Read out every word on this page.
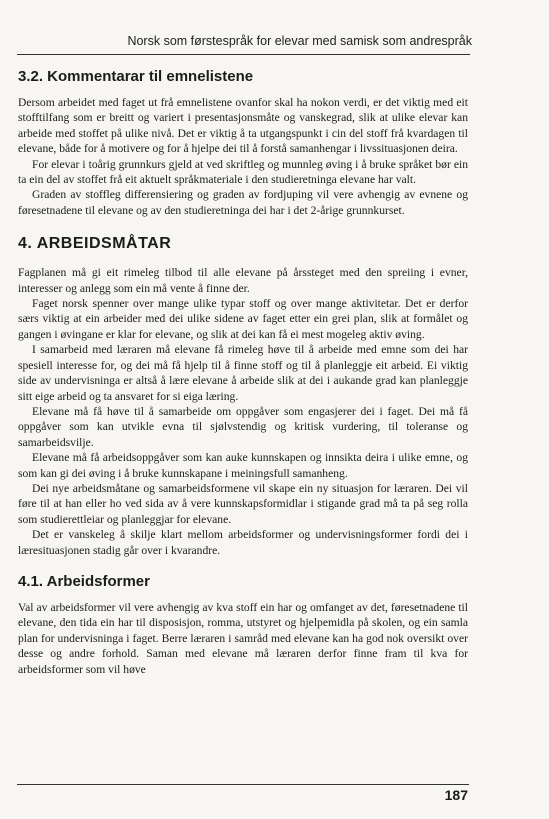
Norsk som førstespråk for elevar med samisk som andrespråk
3.2. Kommentarar til emnelistene

Dersom arbeidet med faget ut frå emnelistene ovanfor skal ha nokon verdi, er det viktig med eit stofftilfang som er breitt og variert i presentasjonsmåte og vanskegrad, slik at ulike elevar kan arbeide med stoffet på ulike nivå. Det er viktig å ta utgangspunkt i cin del stoff frå kvardagen til elevane, både for å motivere og for å hjelpe dei til å forstå samanhengar i livssituasjonen deira.

For elevar i toårig grunnkurs gjeld at ved skriftleg og munnleg øving i å bruke språket bør ein ta ein del av stoffet frå eit aktuelt språkmateriale i den studieretninga elevane har valt.

Graden av stoffleg differensiering og graden av fordjuping vil vere avhengig av evnene og føresetnadene til elevane og av den studieretninga dei har i det 2-årige grunnkurset.

4. ARBEIDSMÅTAR

Fagplanen må gi eit rimeleg tilbod til alle elevane på årssteget med den spreiing i evner, interesser og anlegg som ein må vente å finne der.

Faget norsk spenner over mange ulike typar stoff og over mange aktivitetar. Det er derfor særs viktig at ein arbeider med dei ulike sidene av faget etter ein grei plan, slik at formålet og gangen i øvingane er klar for elevane, og slik at dei kan få ei mest mogeleg aktiv øving.

I samarbeid med læraren må elevane få rimeleg høve til å arbeide med emne som dei har spesiell interesse for, og dei må få hjelp til å finne stoff og til å planleggje eit arbeid. Ei viktig side av undervisninga er altså å lære elevane å arbeide slik at dei i aukande grad kan planleggje sitt eige arbeid og ta ansvaret for si eiga læring.

Elevane må få høve til å samarbeide om oppgåver som engasjerer dei i faget. Dei må få oppgåver som kan utvikle evna til sjølvstendig og kritisk vurdering, til toleranse og samarbeidsvilje.

Elevane må få arbeidsoppgåver som kan auke kunnskapen og innsikta deira i ulike emne, og som kan gi dei øving i å bruke kunnskapane i meiningsfull samanheng.

Dei nye arbeidsmåtane og samarbeidsformene vil skape ein ny situasjon for læraren. Dei vil føre til at han eller ho ved sida av å vere kunnskapsformidlar i stigande grad må ta på seg rolla som studierettleiar og planleggjar for elevane.

Det er vanskeleg å skilje klart mellom arbeidsformer og undervisningsformer fordi dei i læresituasjonen stadig går over i kvarandre.

4.1. Arbeidsformer

Val av arbeidsformer vil vere avhengig av kva stoff ein har og omfanget av det, føresetnadene til elevane, den tida ein har til disposisjon, romma, utstyret og hjelpemidla på skolen, og ein samla plan for undervisninga i faget. Berre læraren i samråd med elevane kan ha god nok oversikt over desse og andre forhold. Saman med elevane må læraren derfor finne fram til kva for arbeidsformer som vil høve

187
